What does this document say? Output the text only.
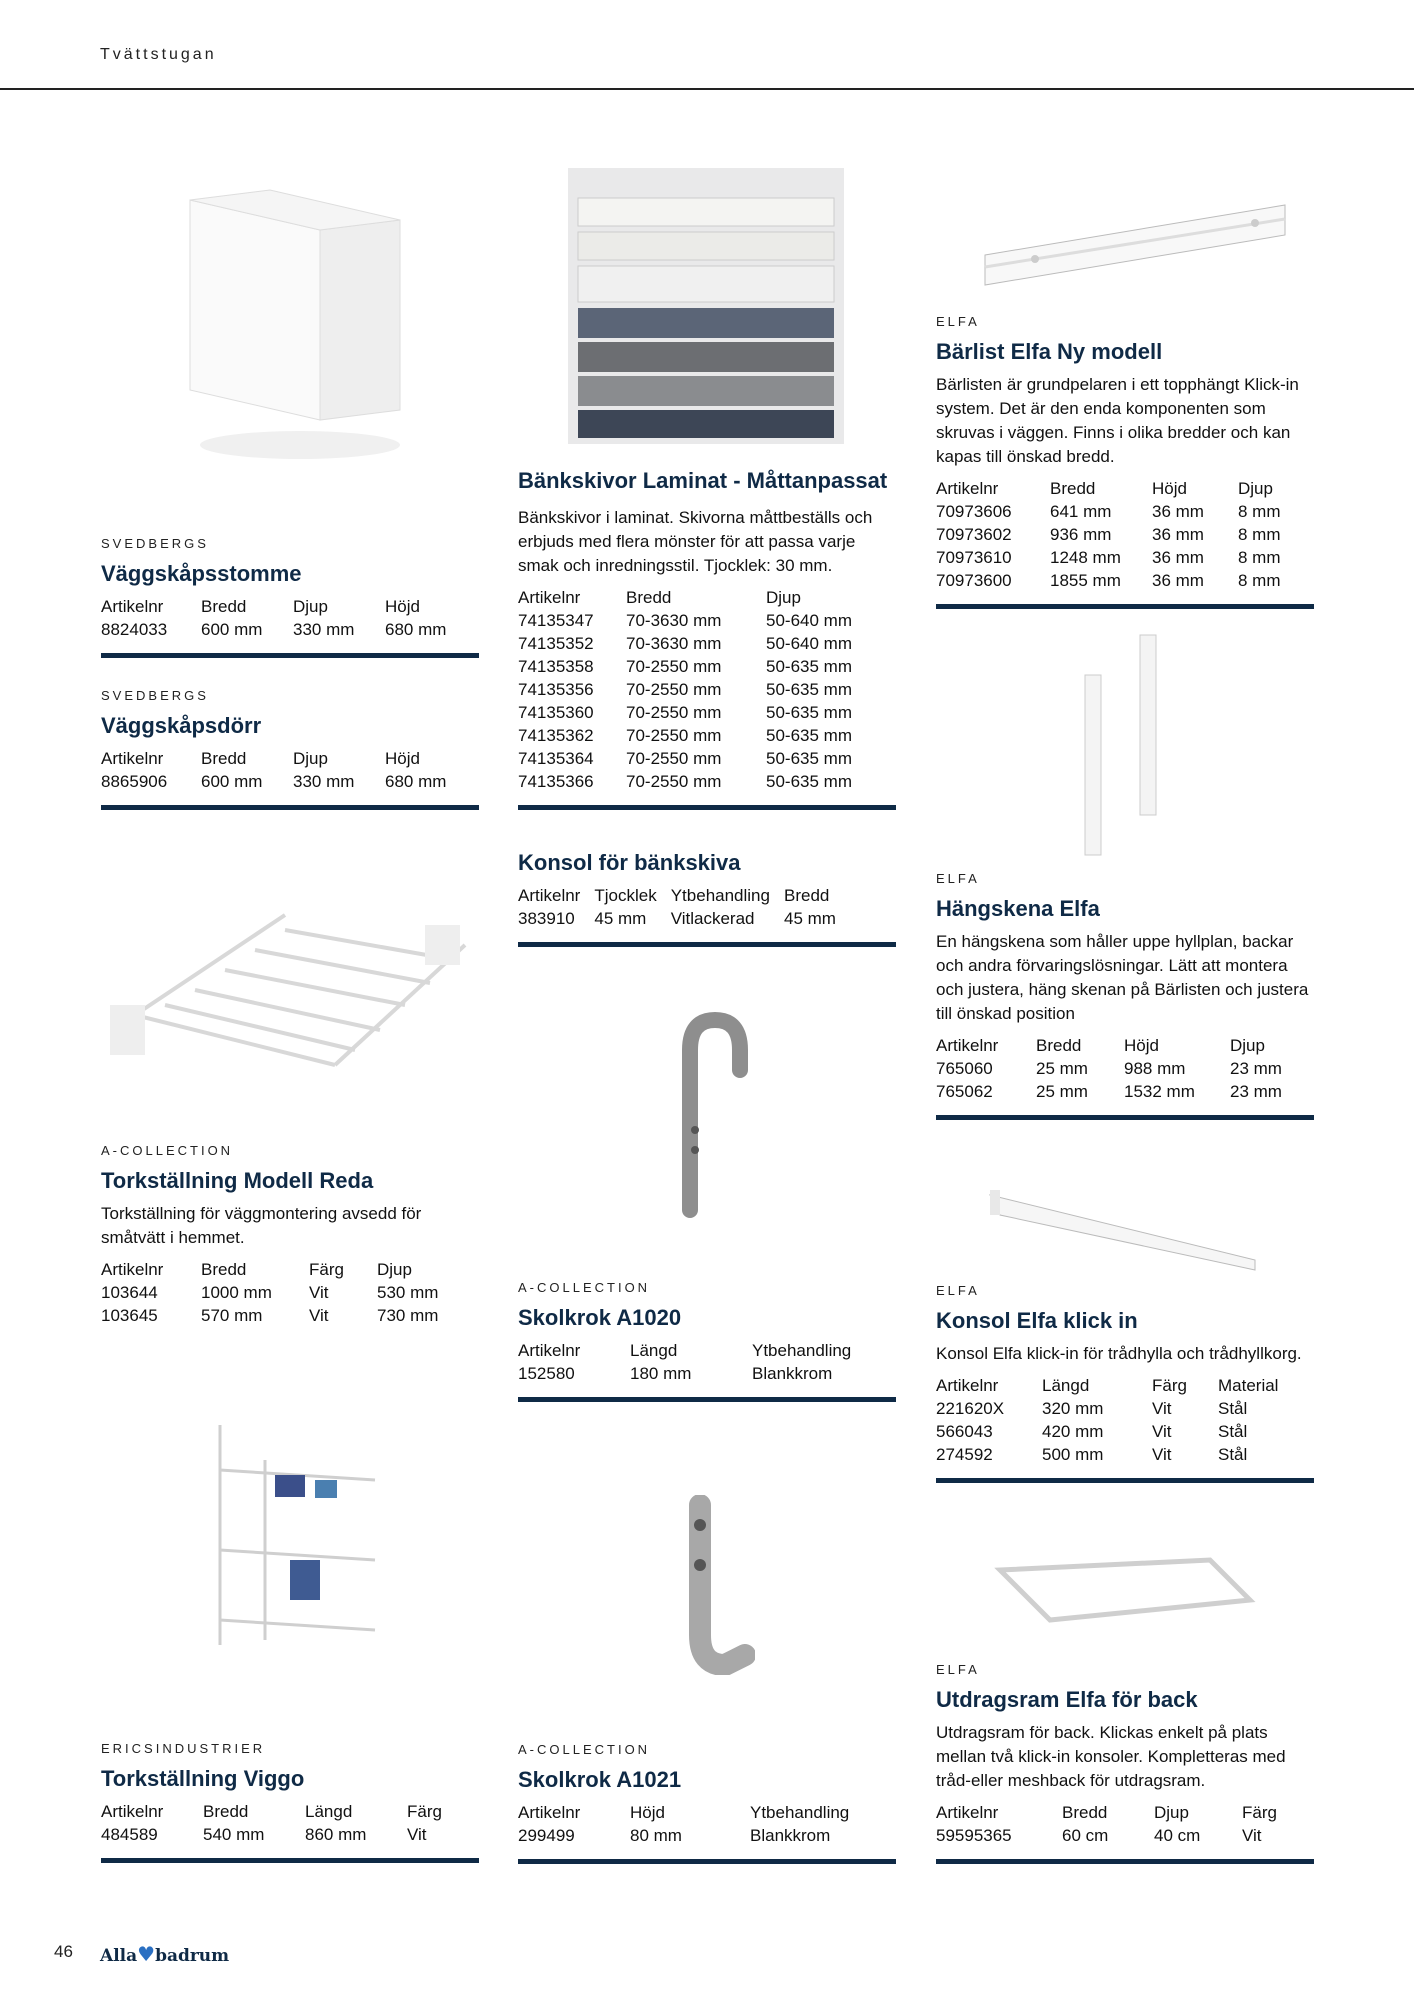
Tvättstugan
SVEDBERGS
Väggskåpsstomme
Artikelnr	Bredd	Djup	Höjd
8824033	600 mm	330 mm	680 mm
SVEDBERGS
Väggskåpsdörr
Artikelnr	Bredd	Djup	Höjd
8865906	600 mm	330 mm	680 mm
A-COLLECTION
Torkställning Modell Reda
Torkställning för väggmontering avsedd för småtvätt i hemmet.
Artikelnr	Bredd	Färg	Djup
103644	1000 mm	Vit	530 mm
103645	570 mm	Vit	730 mm
ERICSINDUSTRIER
Torkställning Viggo
Artikelnr	Bredd	Längd	Färg
484589	540 mm	860 mm	Vit
Bänkskivor Laminat - Måttanpassat
Bänkskivor i laminat. Skivorna måttbeställs och erbjuds med flera mönster för att passa varje smak och inredningsstil. Tjocklek: 30 mm.
Artikelnr	Bredd	Djup
74135347	70-3630 mm	50-640 mm
74135352	70-3630 mm	50-640 mm
74135358	70-2550 mm	50-635 mm
74135356	70-2550 mm	50-635 mm
74135360	70-2550 mm	50-635 mm
74135362	70-2550 mm	50-635 mm
74135364	70-2550 mm	50-635 mm
74135366	70-2550 mm	50-635 mm
Konsol för bänkskiva
Artikelnr	Tjocklek	Ytbehandling	Bredd
383910	45 mm	Vitlackerad	45 mm
A-COLLECTION
Skolkrok A1020
Artikelnr	Längd	Ytbehandling
152580	180 mm	Blankkrom
A-COLLECTION
Skolkrok A1021
Artikelnr	Höjd	Ytbehandling
299499	80 mm	Blankkrom
ELFA
Bärlist Elfa Ny modell
Bärlisten är grundpelaren i ett topphängt Klick-in system. Det är den enda komponenten som skruvas i väggen. Finns i olika bredder och kan kapas till önskad bredd.
Artikelnr	Bredd	Höjd	Djup
70973606	641 mm	36 mm	8 mm
70973602	936 mm	36 mm	8 mm
70973610	1248 mm	36 mm	8 mm
70973600	1855 mm	36 mm	8 mm
ELFA
Hängskena Elfa
En hängskena som håller uppe hyllplan, backar och andra förvaringslösningar. Lätt att montera och justera, häng skenan på Bärlisten och justera till önskad position
Artikelnr	Bredd	Höjd	Djup
765060	25 mm	988 mm	23 mm
765062	25 mm	1532 mm	23 mm
ELFA
Konsol Elfa klick in
Konsol Elfa klick-in för trådhylla och trådhyllkorg.
Artikelnr	Längd	Färg	Material
221620X	320 mm	Vit	Stål
566043	420 mm	Vit	Stål
274592	500 mm	Vit	Stål
ELFA
Utdragsram Elfa för back
Utdragsram för back. Klickas enkelt på plats mellan två klick-in konsoler. Kompletteras med tråd-eller meshback för utdragsram.
Artikelnr	Bredd	Djup	Färg
59595365	60 cm	40 cm	Vit
46 Alla♥badrum
